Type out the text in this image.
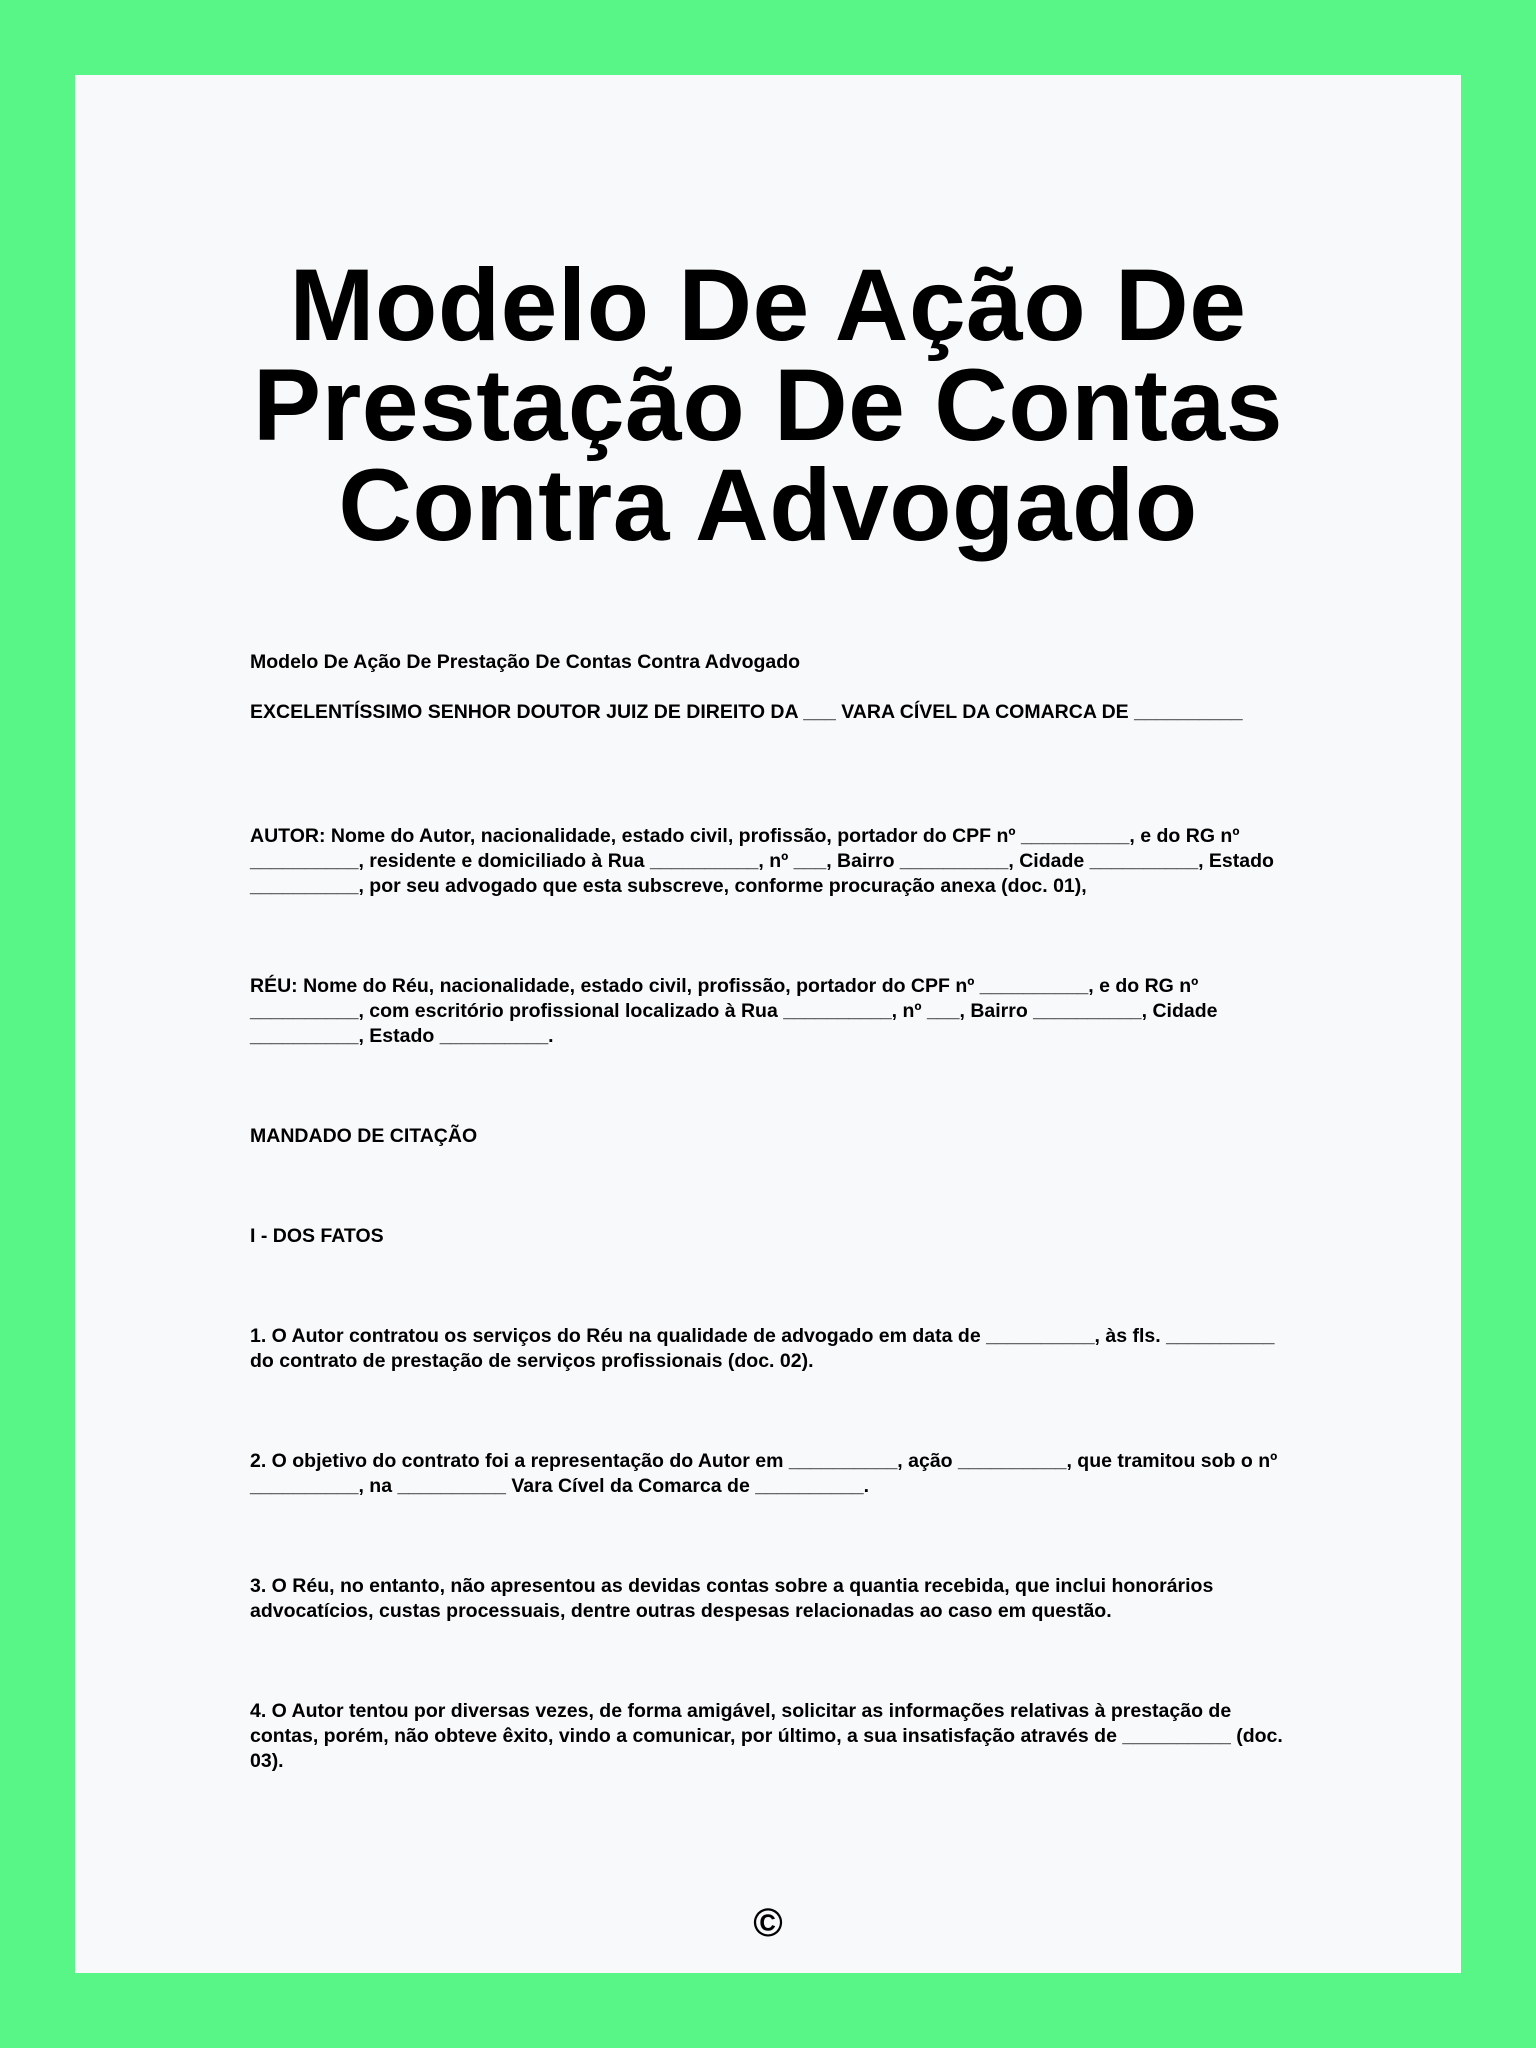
Modelo De Ação De Prestação De Contas Contra Advogado

Modelo De Ação De Prestação De Contas Contra Advogado

EXCELENTÍSSIMO SENHOR DOUTOR JUIZ DE DIREITO DA ___ VARA CÍVEL DA COMARCA DE __________

AUTOR: Nome do Autor, nacionalidade, estado civil, profissão, portador do CPF nº __________, e do RG nº __________, residente e domiciliado à Rua __________, nº ___, Bairro __________, Cidade __________, Estado __________, por seu advogado que esta subscreve, conforme procuração anexa (doc. 01),

RÉU: Nome do Réu, nacionalidade, estado civil, profissão, portador do CPF nº __________, e do RG nº __________, com escritório profissional localizado à Rua __________, nº ___, Bairro __________, Cidade __________, Estado __________.

MANDADO DE CITAÇÃO

I - DOS FATOS

1. O Autor contratou os serviços do Réu na qualidade de advogado em data de __________, às fls. __________ do contrato de prestação de serviços profissionais (doc. 02).

2. O objetivo do contrato foi a representação do Autor em __________, ação __________, que tramitou sob o nº __________, na __________ Vara Cível da Comarca de __________.

3. O Réu, no entanto, não apresentou as devidas contas sobre a quantia recebida, que inclui honorários advocatícios, custas processuais, dentre outras despesas relacionadas ao caso em questão.

4. O Autor tentou por diversas vezes, de forma amigável, solicitar as informações relativas à prestação de contas, porém, não obteve êxito, vindo a comunicar, por último, a sua insatisfação através de __________ (doc. 03).

©
